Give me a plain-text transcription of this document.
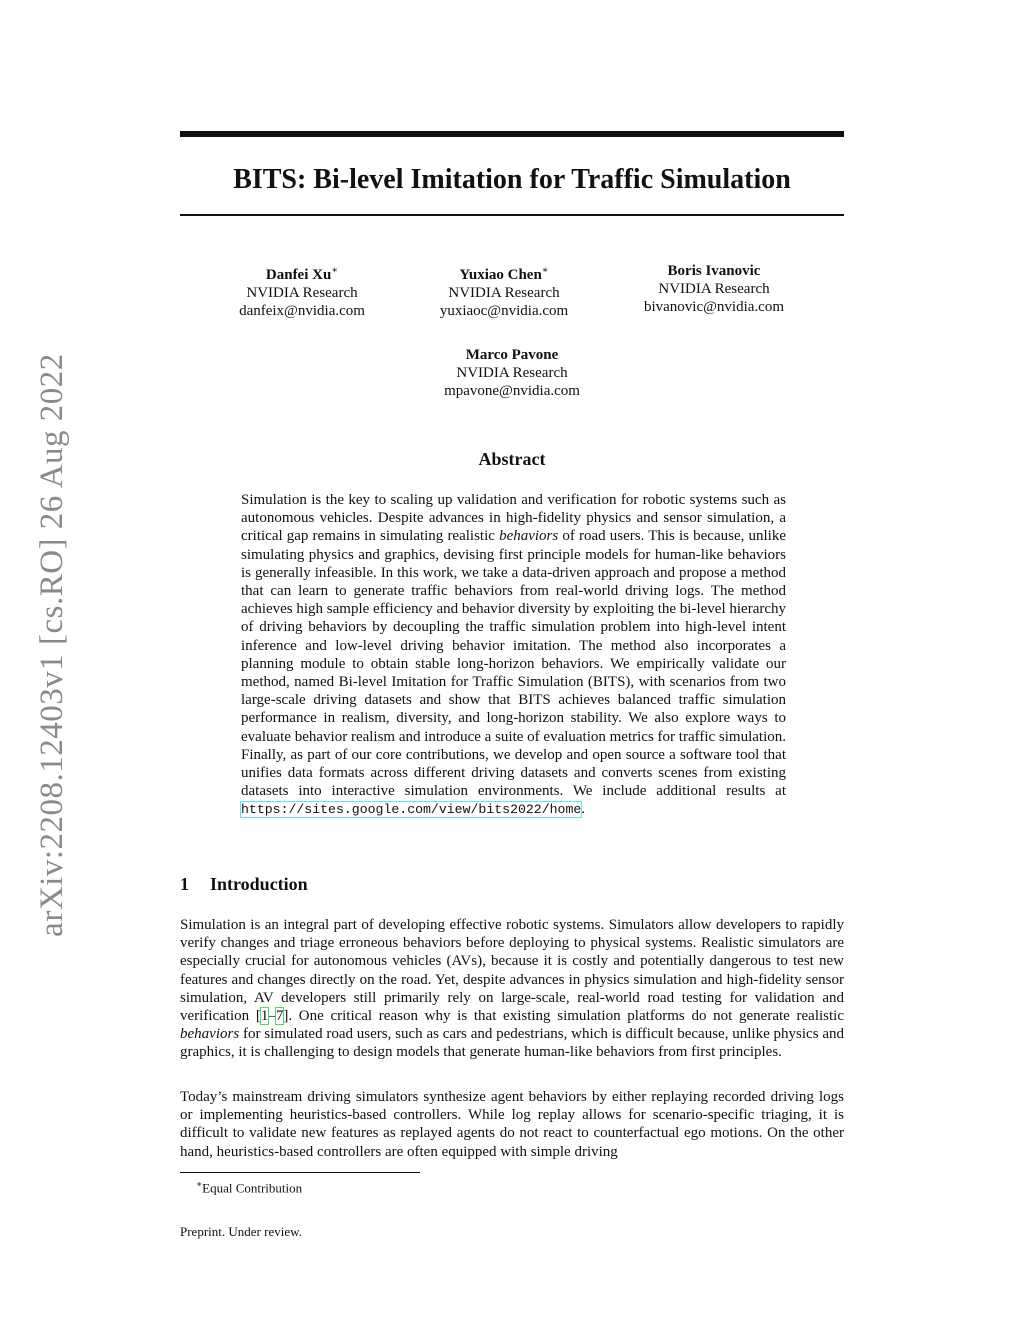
arXiv:2208.12403v1 [cs.RO] 26 Aug 2022
BITS: Bi-level Imitation for Traffic Simulation
Danfei Xu∗
NVIDIA Research
danfeix@nvidia.com
Yuxiao Chen∗
NVIDIA Research
yuxiaoc@nvidia.com
Boris Ivanovic
NVIDIA Research
bivanovic@nvidia.com
Marco Pavone
NVIDIA Research
mpavone@nvidia.com
Abstract

Simulation is the key to scaling up validation and verification for robotic systems such as autonomous vehicles. Despite advances in high-fidelity physics and sensor simulation, a critical gap remains in simulating realistic behaviors of road users. This is because, unlike simulating physics and graphics, devising first principle models for human-like behaviors is generally infeasible. In this work, we take a data-driven approach and propose a method that can learn to generate traffic behaviors from real-world driving logs. The method achieves high sample efficiency and behavior diversity by exploiting the bi-level hierarchy of driving behaviors by decoupling the traffic simulation problem into high-level intent inference and low-level driving behavior imitation. The method also incorporates a planning module to obtain stable long-horizon behaviors. We empirically validate our method, named Bi-level Imitation for Traffic Simulation (BITS), with scenarios from two large-scale driving datasets and show that BITS achieves balanced traffic simulation performance in realism, diversity, and long-horizon stability. We also explore ways to evaluate behavior realism and introduce a suite of evaluation metrics for traffic simulation. Finally, as part of our core contributions, we develop and open source a software tool that unifies data formats across different driving datasets and converts scenes from existing datasets into interactive simulation environments. We include additional results at https://sites.google.com/view/bits2022/home.

1 Introduction

Simulation is an integral part of developing effective robotic systems. Simulators allow developers to rapidly verify changes and triage erroneous behaviors before deploying to physical systems. Realistic simulators are especially crucial for autonomous vehicles (AVs), because it is costly and potentially dangerous to test new features and changes directly on the road. Yet, despite advances in physics simulation and high-fidelity sensor simulation, AV developers still primarily rely on large-scale, real-world road testing for validation and verification [1–7]. One critical reason why is that existing simulation platforms do not generate realistic behaviors for simulated road users, such as cars and pedestrians, which is difficult because, unlike physics and graphics, it is challenging to design models that generate human-like behaviors from first principles.

Today’s mainstream driving simulators synthesize agent behaviors by either replaying recorded driving logs or implementing heuristics-based controllers. While log replay allows for scenario-specific triaging, it is difficult to validate new features as replayed agents do not react to counterfactual ego motions. On the other hand, heuristics-based controllers are often equipped with simple driving

∗Equal Contribution
Preprint. Under review.
